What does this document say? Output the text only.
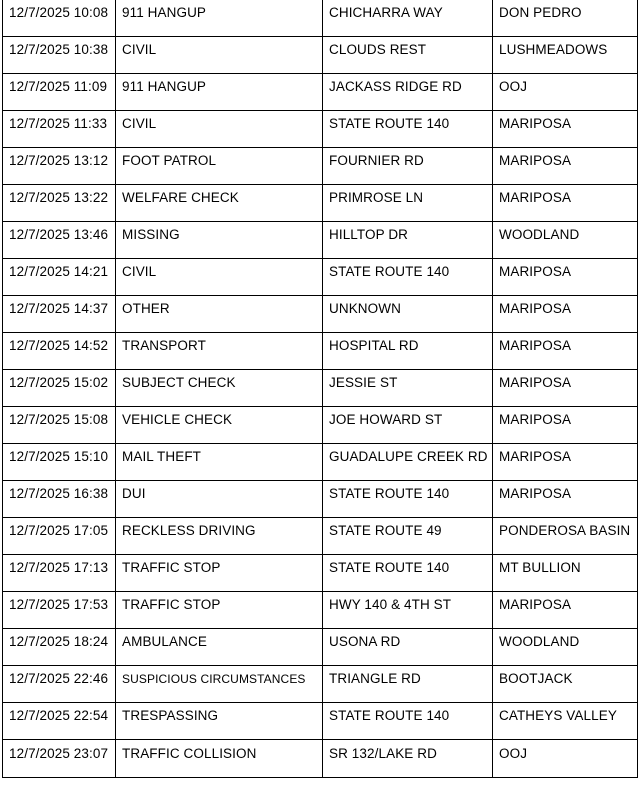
12/7/2025 10:08	911 HANGUP	CHICHARRA WAY	DON PEDRO
12/7/2025 10:38	CIVIL	CLOUDS REST	LUSHMEADOWS
12/7/2025 11:09	911 HANGUP	JACKASS RIDGE RD	OOJ
12/7/2025 11:33	CIVIL	STATE ROUTE 140	MARIPOSA
12/7/2025 13:12	FOOT PATROL	FOURNIER RD	MARIPOSA
12/7/2025 13:22	WELFARE CHECK	PRIMROSE LN	MARIPOSA
12/7/2025 13:46	MISSING	HILLTOP DR	WOODLAND
12/7/2025 14:21	CIVIL	STATE ROUTE 140	MARIPOSA
12/7/2025 14:37	OTHER	UNKNOWN	MARIPOSA
12/7/2025 14:52	TRANSPORT	HOSPITAL RD	MARIPOSA
12/7/2025 15:02	SUBJECT CHECK	JESSIE ST	MARIPOSA
12/7/2025 15:08	VEHICLE CHECK	JOE HOWARD ST	MARIPOSA
12/7/2025 15:10	MAIL THEFT	GUADALUPE CREEK RD	MARIPOSA
12/7/2025 16:38	DUI	STATE ROUTE 140	MARIPOSA
12/7/2025 17:05	RECKLESS DRIVING	STATE ROUTE 49	PONDEROSA BASIN
12/7/2025 17:13	TRAFFIC STOP	STATE ROUTE 140	MT BULLION
12/7/2025 17:53	TRAFFIC STOP	HWY 140 & 4TH ST	MARIPOSA
12/7/2025 18:24	AMBULANCE	USONA RD	WOODLAND
12/7/2025 22:46	SUSPICIOUS CIRCUMSTANCES	TRIANGLE RD	BOOTJACK
12/7/2025 22:54	TRESPASSING	STATE ROUTE 140	CATHEYS VALLEY
12/7/2025 23:07	TRAFFIC COLLISION	SR 132/LAKE RD	OOJ
